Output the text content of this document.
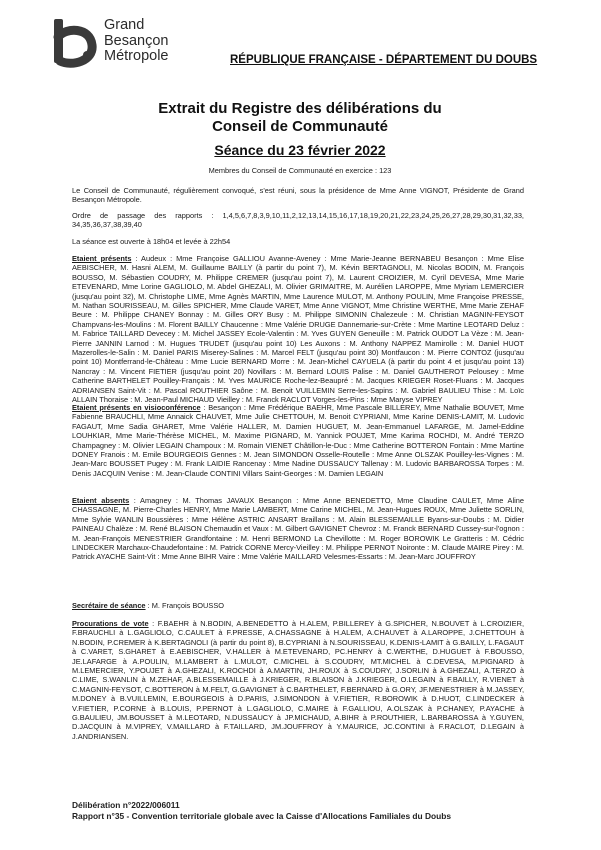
Grand
Besançon
Métropole	RÉPUBLIQUE FRANÇAISE - DÉPARTEMENT DU DOUBS
Extrait du Registre des délibérations du
Conseil de Communauté
Séance du 23 février 2022
Membres du Conseil de Communauté en exercice : 123

Le Conseil de Communauté, régulièrement convoqué, s'est réuni, sous la présidence de Mme Anne VIGNOT, Présidente de Grand Besançon Métropole.

Ordre de passage des rapports : 1,4,5,6,7,8,3,9,10,11,2,12,13,14,15,16,17,18,19,20,21,22,23,24,25,26,27,28,29,30,31,32,33, 34,35,36,37,38,39,40

La séance est ouverte à 18h04 et levée à 22h54

Etaient présents : Audeux : Mme Françoise GALLIOU Avanne-Aveney : Mme Marie-Jeanne BERNABEU Besançon : Mme Elise AEBISCHER, M. Hasni ALEM, M. Guillaume BAILLY (à partir du point 7), M. Kévin BERTAGNOLI, M. Nicolas BODIN, M. François BOUSSO, M. Sébastien COUDRY, M. Philippe CREMER (jusqu'au point 7), M. Laurent CROIZIER, M. Cyril DEVESA, Mme Marie ETEVENARD, Mme Lorine GAGLIOLO, M. Abdel GHEZALI, M. Olivier GRIMAITRE, M. Aurélien LAROPPE, Mme Myriam LEMERCIER (jusqu'au point 32), M. Christophe LIME, Mme Agnès MARTIN, Mme Laurence MULOT, M. Anthony POULIN, Mme Françoise PRESSE, M. Nathan SOURISSEAU, M. Gilles SPICHER, Mme Claude VARET, Mme Anne VIGNOT, Mme Christine WERTHE, Mme Marie ZEHAF Beure : M. Philippe CHANEY Bonnay : M. Gilles ORY Busy : M. Philippe SIMONIN Chalezeule : M. Christian MAGNIN-FEYSOT Champvans-les-Moulins : M. Florent BAILLY Chaucenne : Mme Valérie DRUGE Dannemarie-sur-Crète : Mme Martine LEOTARD Deluz : M. Fabrice TAILLARD Devecey : M. Michel JASSEY Ecole-Valentin : M. Yves GUYEN Geneuille : M. Patrick OUDOT La Vèze : M. Jean-Pierre JANNIN Larnod : M. Hugues TRUDET (jusqu'au point 10) Les Auxons : M. Anthony NAPPEZ Mamirolle : M. Daniel HUOT Mazerolles-le-Salin : M. Daniel PARIS Miserey-Salines : M. Marcel FELT (jusqu'au point 30) Montfaucon : M. Pierre CONTOZ (jusqu'au point 10) Montferrand-le-Château : Mme Lucie BERNARD Morre : M. Jean-Michel CAYUELA (à partir du point 4 et jusqu'au point 13) Nancray : M. Vincent FIETIER (jusqu'au point 20) Novillars : M. Bernard LOUIS Palise : M. Daniel GAUTHEROT Pelousey : Mme Catherine BARTHELET Pouilley-Français : M. Yves MAURICE Roche-lez-Beaupré : M. Jacques KRIEGER Roset-Fluans : M. Jacques ADRIANSEN Saint-Vit : M. Pascal ROUTHIER Saône : M. Benoit VUILLEMIN Serre-les-Sapins : M. Gabriel BAULIEU Thise : M. Loïc ALLAIN Thoraise : M. Jean-Paul MICHAUD Vieilley : M. Franck RACLOT Vorges-les-Pins : Mme Maryse VIPREY

Etaient présents en visioconférence : Besançon : Mme Frédérique BAEHR, Mme Pascale BILLEREY, Mme Nathalie BOUVET, Mme Fabienne BRAUCHLI, Mme Annaick CHAUVET, Mme Julie CHETTOUH, M. Benoit CYPRIANI, Mme Karine DENIS-LAMIT, M. Ludovic FAGAUT, Mme Sadia GHARET, Mme Valérie HALLER, M. Damien HUGUET, M. Jean-Emmanuel LAFARGE, M. Jamel-Eddine LOUHKIAR, Mme Marie-Thérèse MICHEL, M. Maxime PIGNARD, M. Yannick POUJET, Mme Karima ROCHDI, M. André TERZO Champagney : M. Olivier LEGAIN Champoux : M. Romain VIENET Châtillon-le-Duc : Mme Catherine BOTTERON Fontain : Mme Martine DONEY Franois : M. Emile BOURGEOIS Gennes : M. Jean SIMONDON Osselle-Routelle : Mme Anne OLSZAK Pouilley-les-Vignes : M. Jean-Marc BOUSSET Pugey : M. Frank LAIDIE Rancenay : Mme Nadine DUSSAUCY Tallenay : M. Ludovic BARBAROSSA Torpes : M. Denis JACQUIN Venise : M. Jean-Claude CONTINI Villars Saint-Georges : M. Damien LEGAIN

Etaient absents : Amagney : M. Thomas JAVAUX Besançon : Mme Anne BENEDETTO, Mme Claudine CAULET, Mme Aline CHASSAGNE, M. Pierre-Charles HENRY, Mme Marie LAMBERT, Mme Carine MICHEL, M. Jean-Hugues ROUX, Mme Juliette SORLIN, Mme Sylvie WANLIN Boussières : Mme Hélène ASTRIC ANSART Braillans : M. Alain BLESSEMAILLE Byans-sur-Doubs : M. Didier PAINEAU Chalèze : M. René BLAISON Chemaudin et Vaux : M. Gilbert GAVIGNET Chevroz : M. Franck BERNARD Cussey-sur-l'ognon : M. Jean-François MENESTRIER Grandfontaine : M. Henri BERMOND La Chevillotte : M. Roger BOROWIK Le Gratteris : M. Cédric LINDECKER Marchaux-Chaudefontaine : M. Patrick CORNE Mercy-Vieilley : M. Philippe PERNOT Noironte : M. Claude MAIRE Pirey : M. Patrick AYACHE Saint-Vit : Mme Anne BIHR Vaire : Mme Valérie MAILLARD Velesmes-Essarts : M. Jean-Marc JOUFFROY

Secrétaire de séance : M. François BOUSSO

Procurations de vote : F.BAEHR à N.BODIN, A.BENEDETTO à H.ALEM, P.BILLEREY à G.SPICHER, N.BOUVET à L.CROIZIER, F.BRAUCHLI à L.GAGLIOLO, C.CAULET à F.PRESSE, A.CHASSAGNE à H.ALEM, A.CHAUVET à A.LAROPPE, J.CHETTOUH à N.BODIN, P.CREMER à K.BERTAGNOLI (à partir du point 8), B.CYPRIANI à N.SOURISSEAU, K.DENIS-LAMIT à G.BAILLY, L.FAGAUT à C.VARET, S.GHARET à E.AEBISCHER, V.HALLER à M.ETEVENARD, PC.HENRY à C.WERTHE, D.HUGUET à F.BOUSSO, JE.LAFARGE à A.POULIN, M.LAMBERT à L.MULOT, C.MICHEL à S.COUDRY, MT.MICHEL à C.DEVESA, M.PIGNARD à M.LEMERCIER, Y.POUJET à A.GHEZALI, K.ROCHDI à A.MARTIN, JH.ROUX à S.COUDRY, J.SORLIN à A.GHEZALI, A.TERZO à C.LIME, S.WANLIN à M.ZEHAF, A.BLESSEMAILLE à J.KRIEGER, R.BLAISON à J.KRIEGER, O.LEGAIN à F.BAILLY, R.VIENET à C.MAGNIN-FEYSOT, C.BOTTERON à M.FELT, G.GAVIGNET à C.BARTHELET, F.BERNARD à G.ORY, JF.MENESTRIER à M.JASSEY, M.DONEY à B.VUILLEMIN, E.BOURGEOIS à D.PARIS, J.SIMONDON à V.FIETIER, R.BOROWIK à D.HUOT, C.LINDECKER à V.FIETIER, P.CORNE à B.LOUIS, P.PERNOT à L.GAGLIOLO, C.MAIRE à F.GALLIOU, A.OLSZAK à P.CHANEY, P.AYACHE à G.BAULIEU, JM.BOUSSET à M.LEOTARD, N.DUSSAUCY à JP.MICHAUD, A.BIHR à P.ROUTHIER, L.BARBAROSSA à Y.GUYEN, D.JACQUIN à M.VIPREY, V.MAILLARD à F.TAILLARD, JM.JOUFFROY à Y.MAURICE, JC.CONTINI à F.RACLOT, D.LEGAIN à J.ANDRIANSEN.

Délibération n°2022/006011
Rapport n°35 - Convention territoriale globale avec la Caisse d'Allocations Familiales du Doubs
